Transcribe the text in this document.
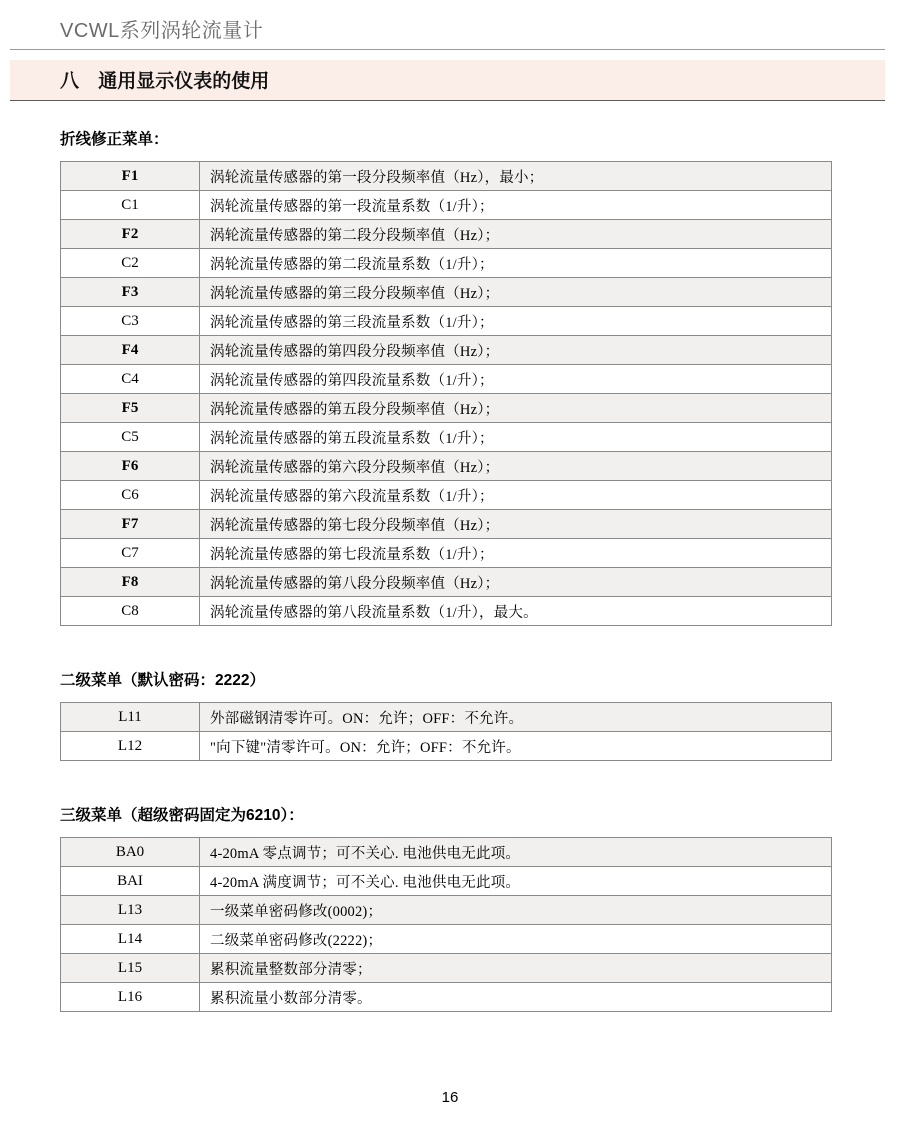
VCWL系列涡轮流量计
八 通用显示仪表的使用
折线修正菜单：
F1	涡轮流量传感器的第一段分段频率值（Hz），最小；
C1	涡轮流量传感器的第一段流量系数（1/升）；
F2	涡轮流量传感器的第二段分段频率值（Hz）；
C2	涡轮流量传感器的第二段流量系数（1/升）；
F3	涡轮流量传感器的第三段分段频率值（Hz）；
C3	涡轮流量传感器的第三段流量系数（1/升）；
F4	涡轮流量传感器的第四段分段频率值（Hz）；
C4	涡轮流量传感器的第四段流量系数（1/升）；
F5	涡轮流量传感器的第五段分段频率值（Hz）；
C5	涡轮流量传感器的第五段流量系数（1/升）；
F6	涡轮流量传感器的第六段分段频率值（Hz）；
C6	涡轮流量传感器的第六段流量系数（1/升）；
F7	涡轮流量传感器的第七段分段频率值（Hz）；
C7	涡轮流量传感器的第七段流量系数（1/升）；
F8	涡轮流量传感器的第八段分段频率值（Hz）；
C8	涡轮流量传感器的第八段流量系数（1/升），最大。
二级菜单（默认密码：2222）
L11	外部磁钢清零许可。ON：允许；OFF：不允许。
L12	"向下键"清零许可。ON：允许；OFF：不允许。
三级菜单（超级密码固定为6210）：
BA0	4-20mA 零点调节；可不关心. 电池供电无此项。
BAI	4-20mA 满度调节；可不关心. 电池供电无此项。
L13	一级菜单密码修改(0002)；
L14	二级菜单密码修改(2222)；
L15	累积流量整数部分清零；
L16	累积流量小数部分清零。
16
